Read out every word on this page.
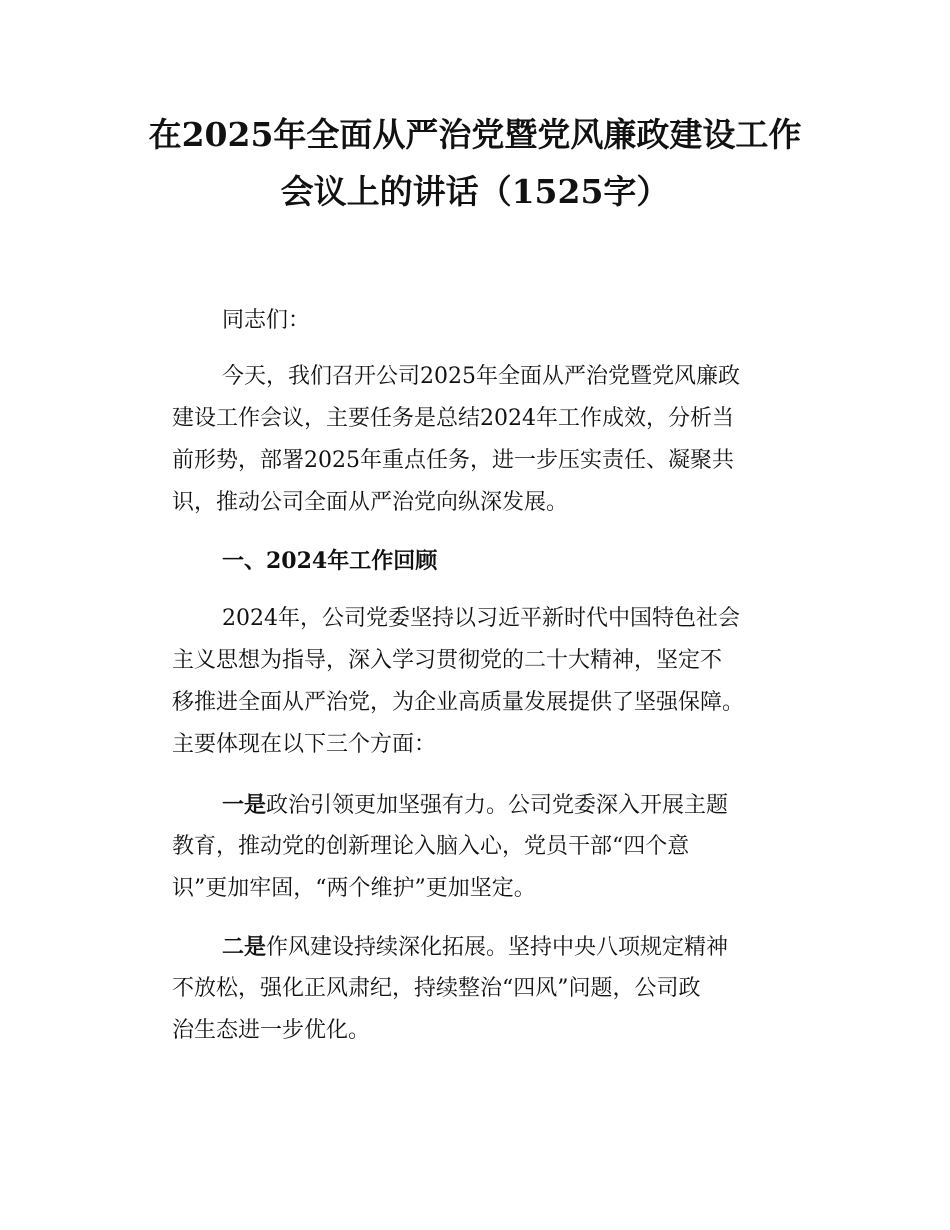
在2025年全面从严治党暨党风廉政建设工作
会议上的讲话（1525字）
同志们：
今天，我们召开公司2025年全面从严治党暨党风廉政
建设工作会议，主要任务是总结2024年工作成效，分析当
前形势，部署2025年重点任务，进一步压实责任、凝聚共
识，推动公司全面从严治党向纵深发展。
一、2024年工作回顾
2024年，公司党委坚持以习近平新时代中国特色社会
主义思想为指导，深入学习贯彻党的二十大精神，坚定不
移推进全面从严治党，为企业高质量发展提供了坚强保障。
主要体现在以下三个方面：
一是政治引领更加坚强有力。公司党委深入开展主题
教育，推动党的创新理论入脑入心，党员干部“四个意
识”更加牢固，“两个维护”更加坚定。
二是作风建设持续深化拓展。坚持中央八项规定精神
不放松，强化正风肃纪，持续整治“四风”问题，公司政
治生态进一步优化。
